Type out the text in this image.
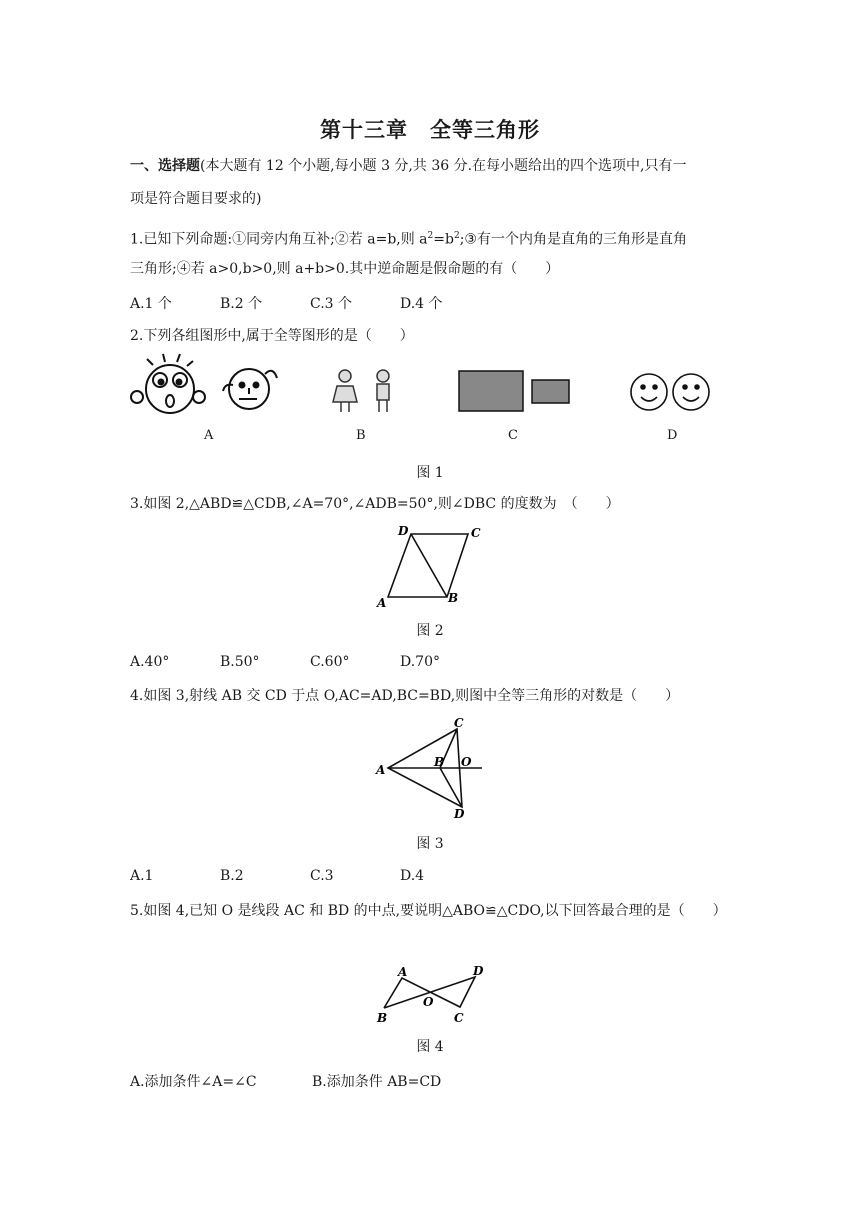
第十三章　全等三角形
一、选择题(本大题有 12 个小题,每小题 3 分,共 36 分.在每小题给出的四个选项中,只有一
项是符合题目要求的)
1.已知下列命题:①同旁内角互补;②若 a=b,则 $a^2=b^2;③$有一个内角是直角的三角形是直角
三角形;④若 a>0,b>0,则 a+b>0.其中逆命题是假命题的有（　　）
A.1 个	B.2 个	C.3 个	D.4 个
2.下列各组图形中,属于全等图形的是（　　）
A	B	C	D
图 1
3.如图 2,△ABD≌△CDB,∠A=70°,∠ADB=50°,则∠DBC 的度数为　（　　）
D	C
A	B
图 2
A.40°	B.50°	C.60°	D.70°
4.如图 3,射线 AB 交 CD 于点 O,AC=AD,BC=BD,则图中全等三角形的对数是（　　）
C
A
B O
D
图 3
A.1	B.2	C.3	D.4
5.如图 4,已知 O 是线段 AC 和 BD 的中点,要说明△ABO≌△CDO,以下回答最合理的是（　　）
A	D
O
B	C
图 4
A.添加条件∠A=∠C	B.添加条件 AB=CD
